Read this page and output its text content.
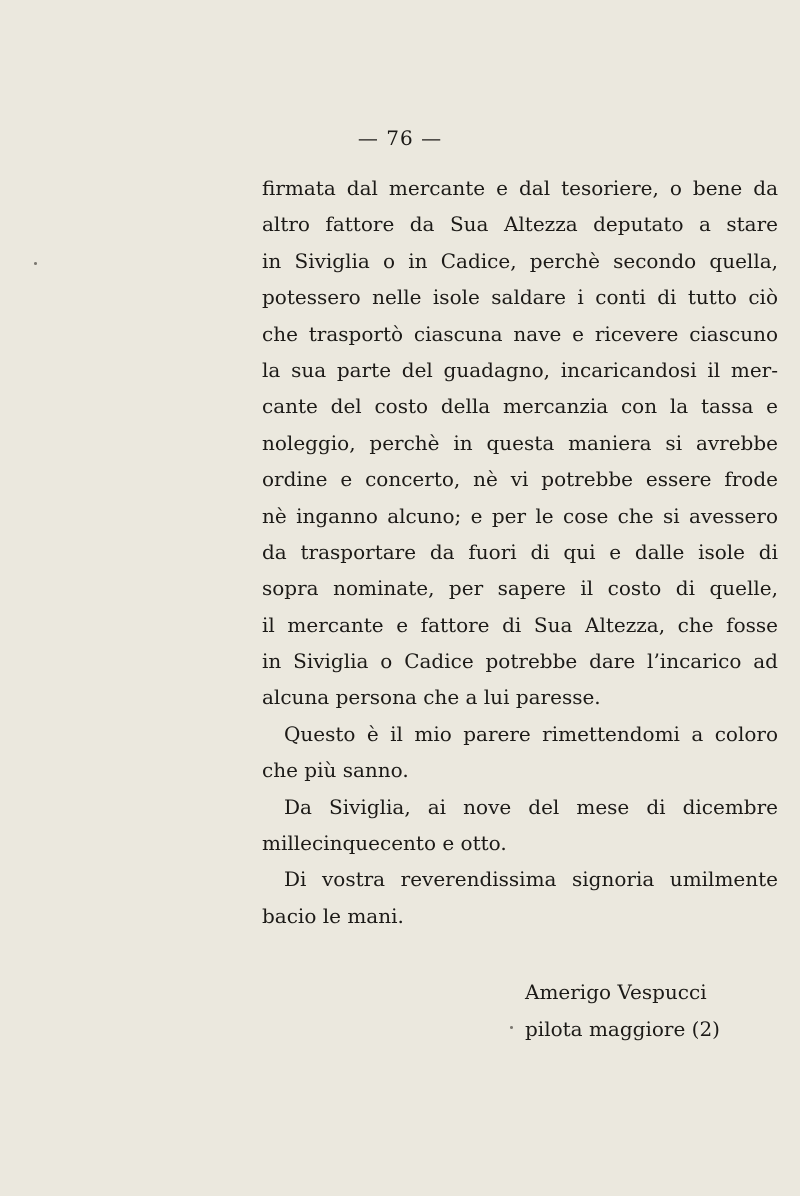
— 76 —
firmata dal mercante e dal tesoriere, o bene da
altro fattore da Sua Altezza deputato a stare
in Siviglia o in Cadice, perchè secondo quella,
potessero nelle isole saldare i conti di tutto ciò
che trasportò ciascuna nave e ricevere ciascuno
la sua parte del guadagno, incaricandosi il mer-
cante del costo della mercanzia con la tassa e
noleggio, perchè in questa maniera si avrebbe
ordine e concerto, nè vi potrebbe essere frode
nè inganno alcuno; e per le cose che si avessero
da trasportare da fuori di qui e dalle isole di
sopra nominate, per sapere il costo di quelle,
il mercante e fattore di Sua Altezza, che fosse
in Siviglia o Cadice potrebbe dare l’incarico ad
alcuna persona che a lui paresse.
Questo è il mio parere rimettendomi a coloro
che più sanno.
Da Siviglia, ai nove del mese di dicembre
millecinquecento e otto.
Di vostra reverendissima signoria umilmente
bacio le mani.
Amerigo Vespucci
pilota maggiore (2)
